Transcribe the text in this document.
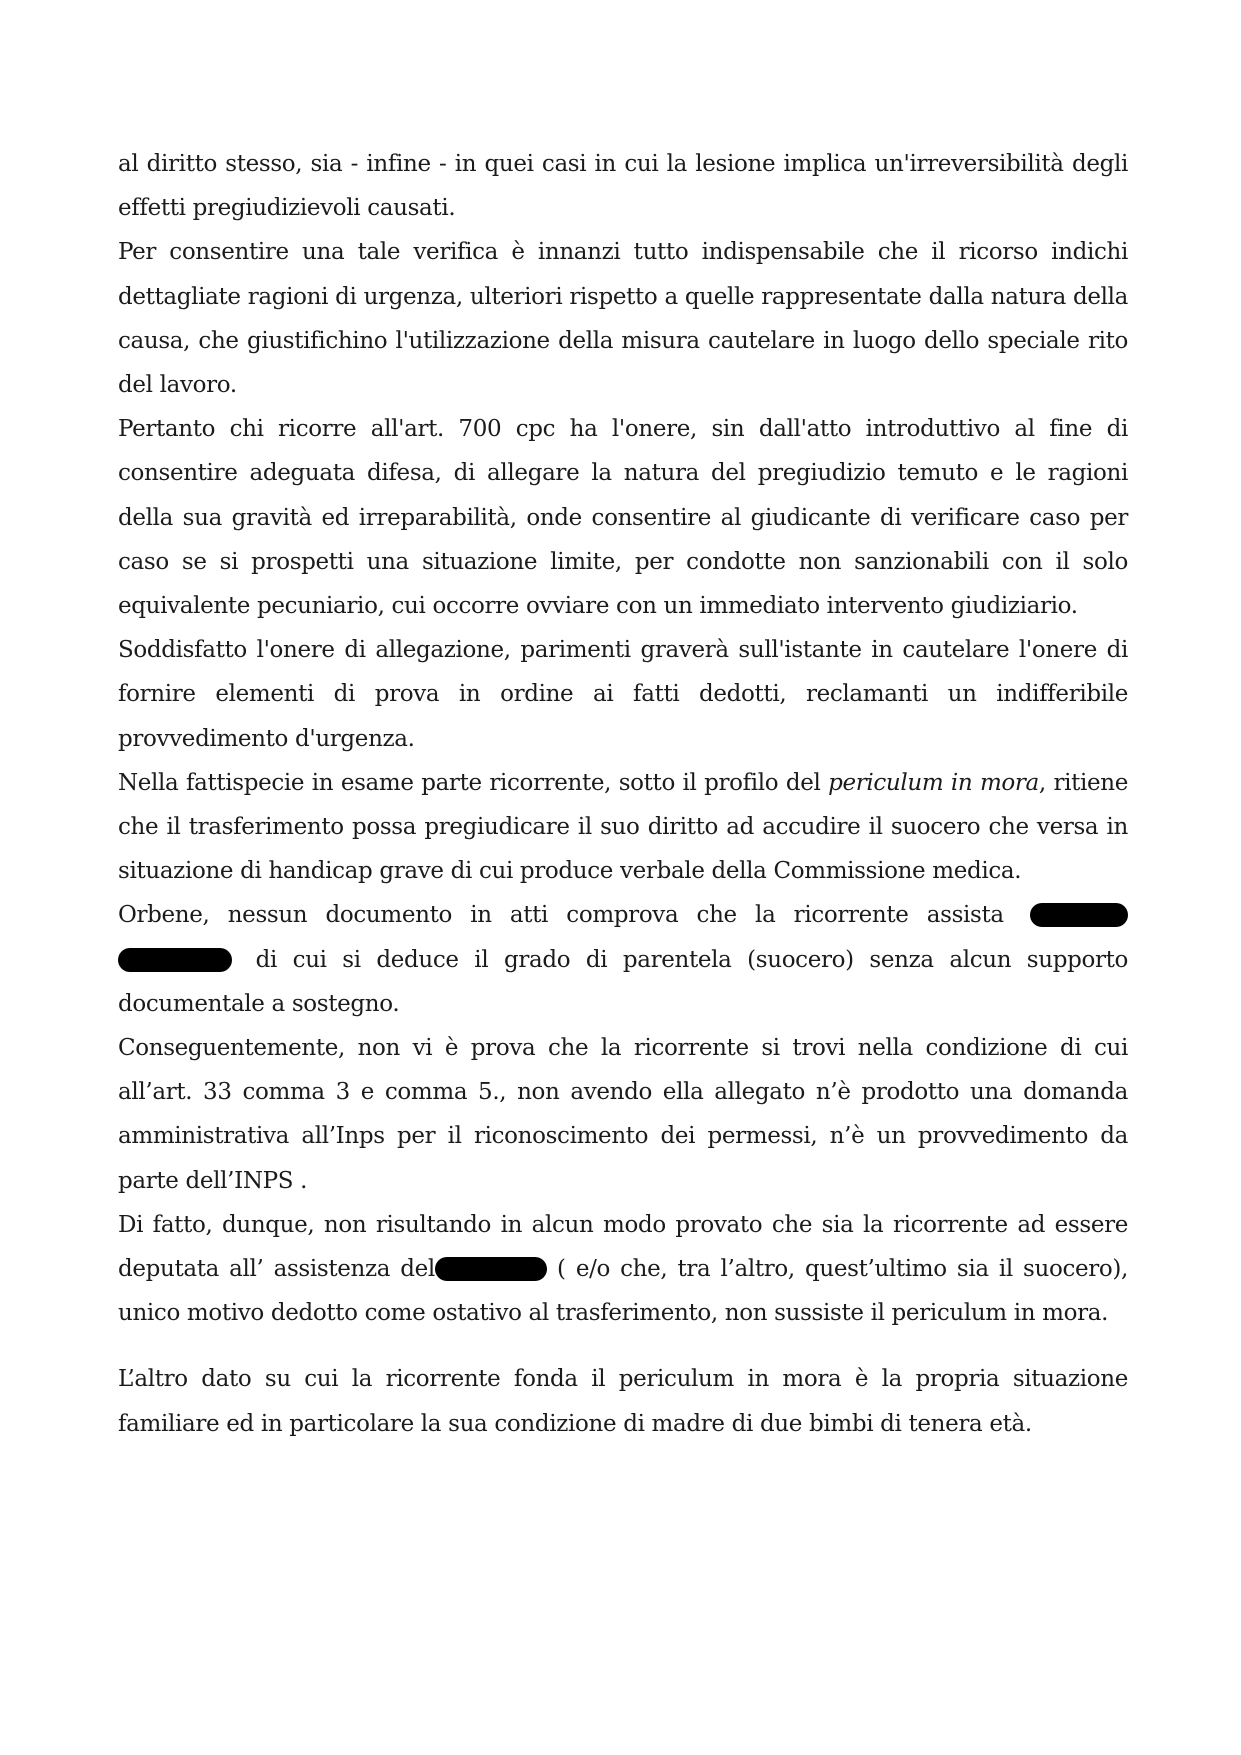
al diritto stesso, sia - infine - in quei casi in cui la lesione implica un'irreversibilità degli effetti pregiudizievoli causati.

Per consentire una tale verifica è innanzi tutto indispensabile che il ricorso indichi dettagliate ragioni di urgenza, ulteriori rispetto a quelle rappresentate dalla natura della causa, che giustifichino l'utilizzazione della misura cautelare in luogo dello speciale rito del lavoro.

Pertanto chi ricorre all'art. 700 cpc ha l'onere, sin dall'atto introduttivo al fine di consentire adeguata difesa, di allegare la natura del pregiudizio temuto e le ragioni della sua gravità ed irreparabilità, onde consentire al giudicante di verificare caso per caso se si prospetti una situazione limite, per condotte non sanzionabili con il solo equivalente pecuniario, cui occorre ovviare con un immediato intervento giudiziario.

Soddisfatto l'onere di allegazione, parimenti graverà sull'istante in cautelare l'onere di fornire elementi di prova in ordine ai fatti dedotti, reclamanti un indifferibile provvedimento d'urgenza.

Nella fattispecie in esame parte ricorrente, sotto il profilo del periculum in mora, ritiene che il trasferimento possa pregiudicare il suo diritto ad accudire il suocero che versa in situazione di handicap grave di cui produce verbale della Commissione medica.

Orbene, nessun documento in atti comprova che la ricorrente assista   di cui si deduce il grado di parentela (suocero) senza alcun supporto documentale a sostegno.

Conseguentemente, non vi è prova che la ricorrente si trovi nella condizione di cui all’art. 33 comma 3 e comma 5., non avendo ella allegato n’è prodotto una domanda amministrativa all’Inps per il riconoscimento dei permessi, n’è un provvedimento da parte dell’INPS .

Di fatto, dunque, non risultando in alcun modo provato che sia la ricorrente ad essere deputata all’ assistenza del	( e/o che, tra l’altro, quest’ultimo sia il suocero), unico motivo dedotto come ostativo al trasferimento, non sussiste il periculum in mora.

L’altro dato su cui la ricorrente fonda il periculum in mora è la propria situazione familiare ed in particolare la sua condizione di madre di due bimbi di tenera età.
